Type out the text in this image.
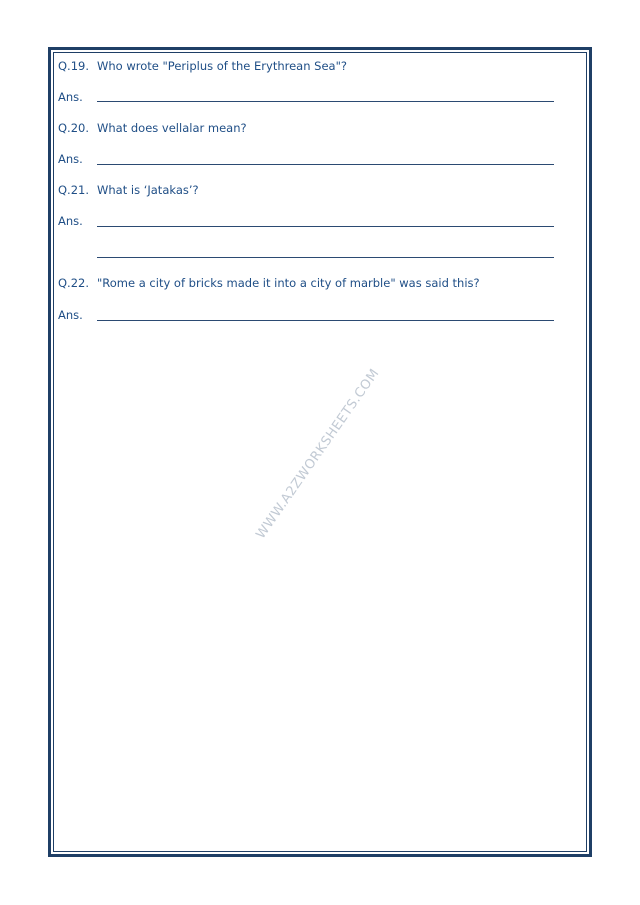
WWW.A2ZWORKSHEETS.COM
Q.19. Who wrote "Periplus of the Erythrean Sea"?
Ans.
Q.20. What does vellalar mean?
Ans.
Q.21. What is ‘Jatakas’?
Ans.
Q.22. "Rome a city of bricks made it into a city of marble" was said this?
Ans.
